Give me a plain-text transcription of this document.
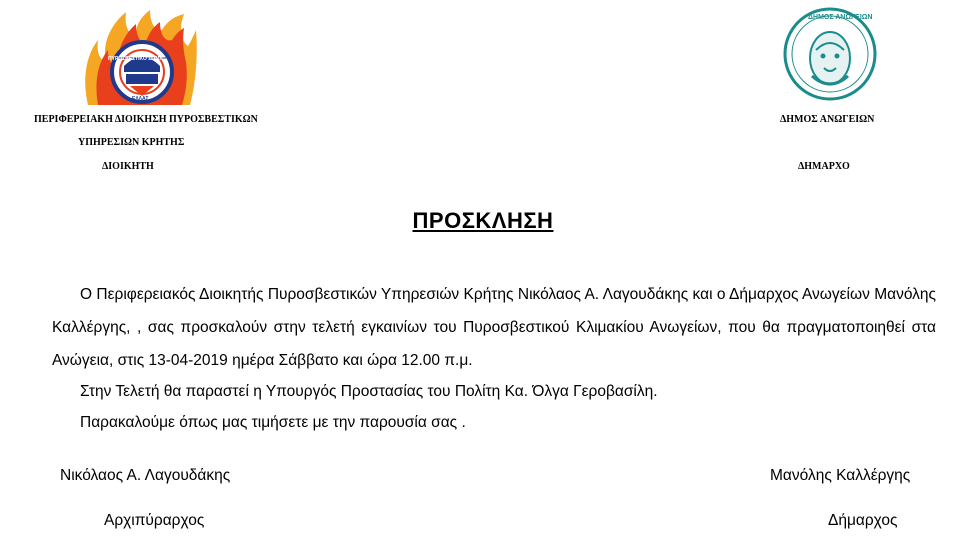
ΠΥΡΟΣΒΕΣΤΙΚΟ ΣΩΜΑ
ΕΛΛΑΣ
ΔΗΜΟΣ ΑΝΩΓΕΙΩΝ
ΠΕΡΙΦΕΡΕΙΑΚΗ ΔΙΟΙΚΗΣΗ ΠΥΡΟΣΒΕΣΤΙΚΩΝ
ΥΠΗΡΕΣΙΩΝ ΚΡΗΤΗΣ
ΔΙΟΙΚΗΤΗ
ΔΗΜΟΣ ΑΝΩΓΕΙΩΝ
ΔΗΜΑΡΧΟ
ΠΡΟΣΚΛΗΣΗ
Ο Περιφερειακός Διοικητής Πυροσβεστικών Υπηρεσιών Κρήτης Νικόλαος Α. Λαγουδάκης και ο Δήμαρχος Ανωγείων Μανόλης Καλλέργης, , σας προσκαλούν στην τελετή εγκαινίων του Πυροσβεστικού Κλιμακίου Ανωγείων, που θα πραγματοποιηθεί στα Ανώγεια, στις 13-04-2019 ημέρα Σάββατο και ώρα 12.00 π.μ.
Στην Τελετή θα παραστεί η Υπουργός Προστασίας του Πολίτη Κα. Όλγα Γεροβασίλη.
Παρακαλούμε όπως μας τιμήσετε με την παρουσία σας .
Νικόλαος Α. Λαγουδάκης
Αρχιπύραρχος
Μανόλης Καλλέργης
Δήμαρχος
